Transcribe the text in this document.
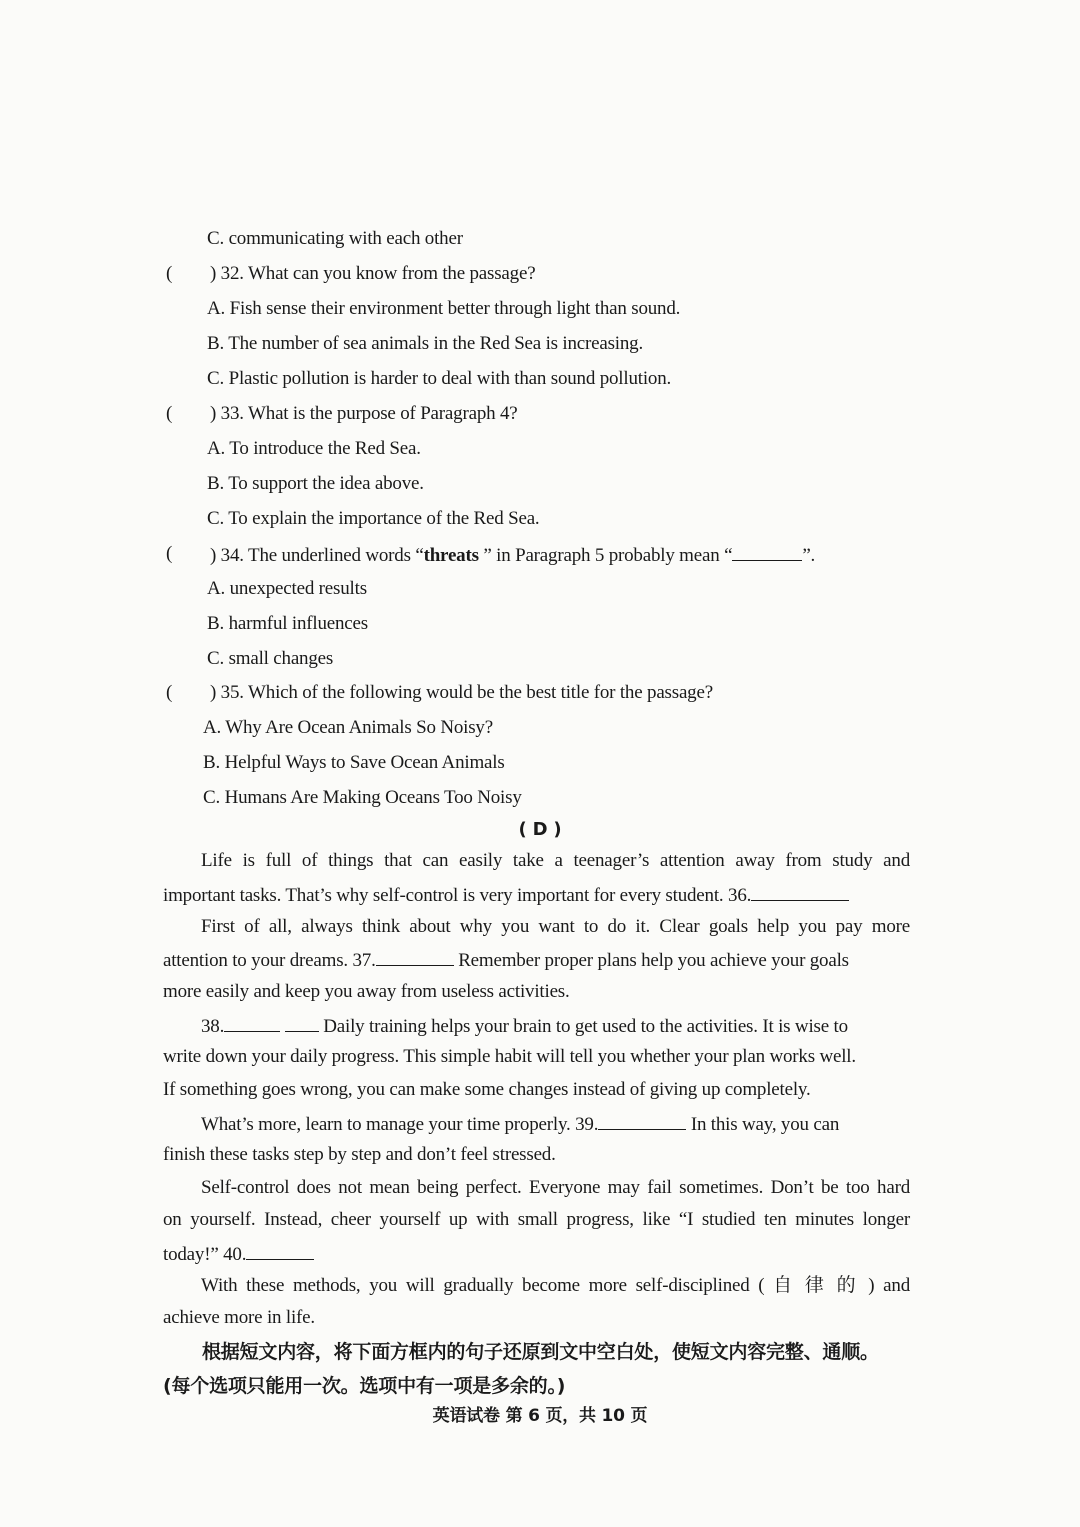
C. communicating with each other
( ) 32. What can you know from the passage?
A. Fish sense their environment better through light than sound.
B. The number of sea animals in the Red Sea is increasing.
C. Plastic pollution is harder to deal with than sound pollution.
( ) 33. What is the purpose of Paragraph 4?
A. To introduce the Red Sea.
B. To support the idea above.
C. To explain the importance of the Red Sea.
( ) 34. The underlined words “threats ” in Paragraph 5 probably mean “	”.
A. unexpected results
B. harmful influences
C. small changes
( ) 35. Which of the following would be the best title for the passage?
A. Why Are Ocean Animals So Noisy?
B. Helpful Ways to Save Ocean Animals
C. Humans Are Making Oceans Too Noisy
( D )
Life is full of things that can easily take a teenager’s attention away from study and
important tasks. That’s why self-control is very important for every student. 36.
First of all, always think about why you want to do it. Clear goals help you pay more
attention to your dreams. 37.	Remember proper plans help you achieve your goals
more easily and keep you away from useless activities.
38.	Daily training helps your brain to get used to the activities. It is wise to
write down your daily progress. This simple habit will tell you whether your plan works well.
If something goes wrong, you can make some changes instead of giving up completely.
What’s more, learn to manage your time properly. 39.	In this way, you can
finish these tasks step by step and don’t feel stressed.
Self-control does not mean being perfect. Everyone may fail sometimes. Don’t be too hard
on yourself. Instead, cheer yourself up with small progress, like “I studied ten minutes longer
today!” 40.
With these methods, you will gradually become more self-disciplined ( 自 律 的 ) and
achieve more in life.
根据短文内容，将下面方框内的句子还原到文中空白处，使短文内容完整、通顺。
(每个选项只能用一次。选项中有一项是多余的。)
英语试卷 第 6 页，共 10 页
